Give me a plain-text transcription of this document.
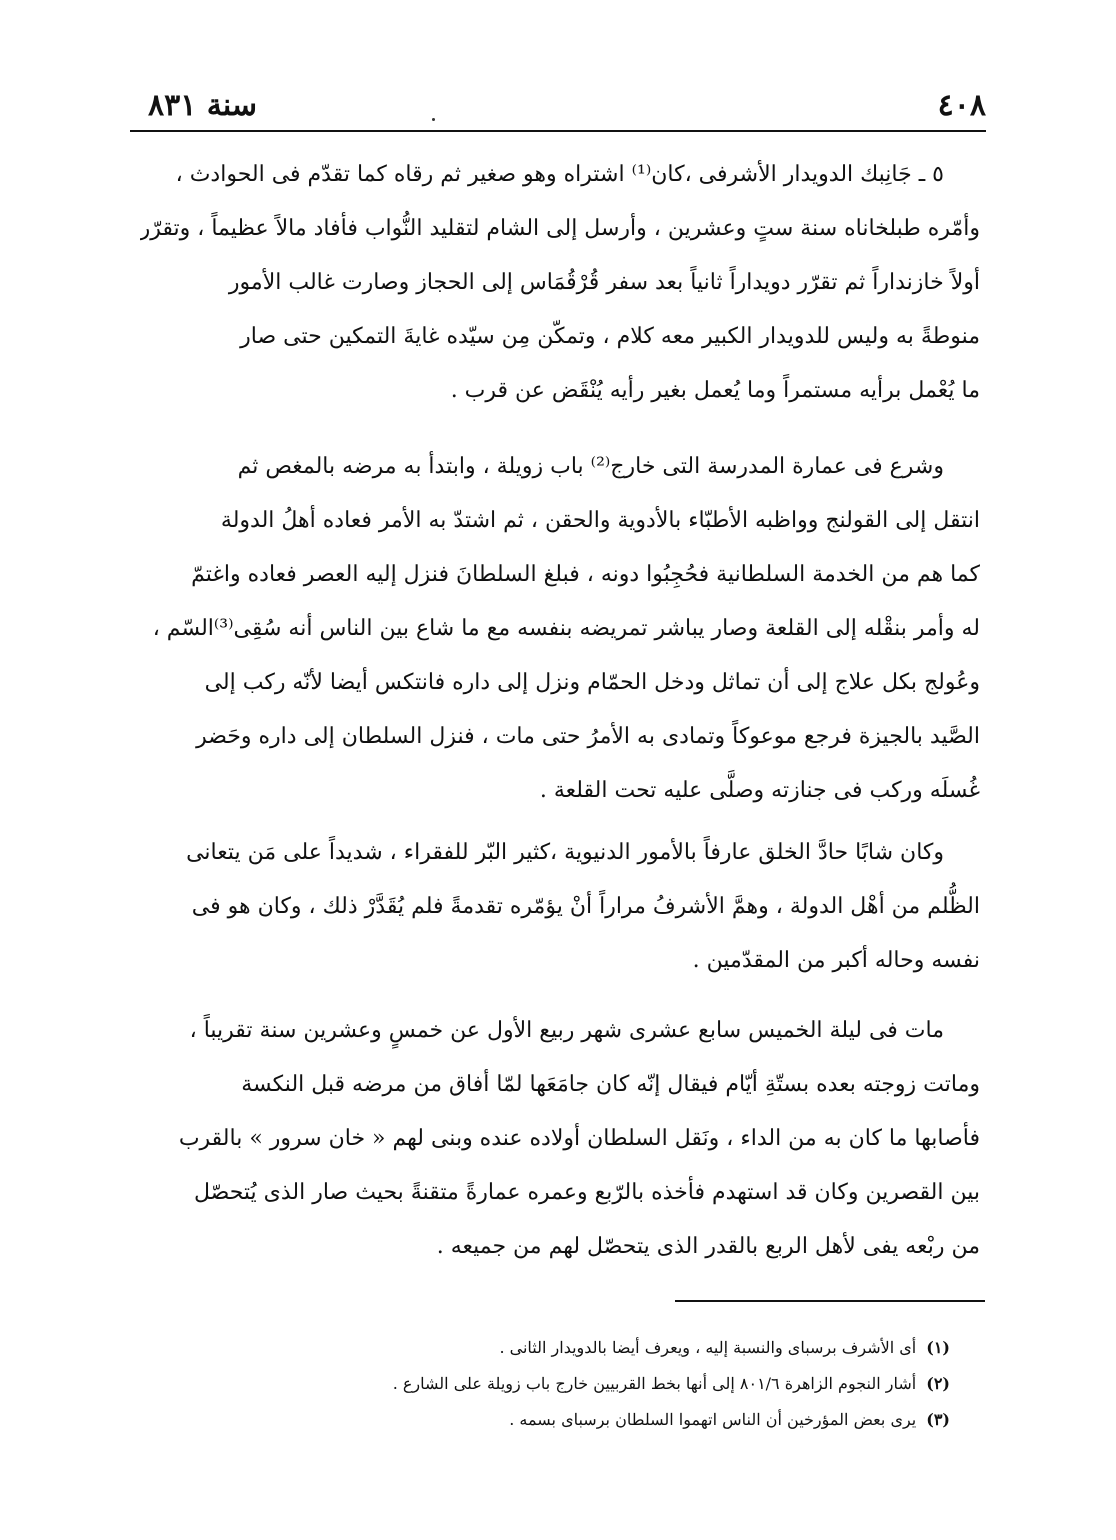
٤٠٨
سنة ٨٣١
٥ ـ جَانِبك الدويدار الأشرفى ،كان⁽¹⁾ اشتراه وهو صغير ثم رقاه كما تقدّم فى الحوادث ،
وأمّره طبلخاناه سنة ستٍ وعشرين ، وأرسل إلى الشام لتقليد النُّواب فأفاد مالاً عظيماً ، وتقرّر
أولاً خازنداراً ثم تقرّر دويداراً ثانياً بعد سفر قُرْقُمَاس إلى الحجاز وصارت غالب الأمور
منوطةً به وليس للدويدار الكبير معه كلام ، وتمكّن مِن سيّده غايةَ التمكين حتى صار
ما يُعْمل برأيه مستمراً وما يُعمل بغير رأيه يُنْقَض عن قرب .
وشرع فى عمارة المدرسة التى خارج⁽²⁾ باب زويلة ، وابتدأ به مرضه بالمغص ثم
انتقل إلى القولنج وواظبه الأطبّاء بالأدوية والحقن ، ثم اشتدّ به الأمر فعاده أهلُ الدولة
كما هم من الخدمة السلطانية فحُجِبُوا دونه ، فبلغ السلطانَ فنزل إليه العصر فعاده واغتمّ
له وأمر بنقْله إلى القلعة وصار يباشر تمريضه بنفسه مع ما شاع بين الناس أنه سُقِى⁽³⁾السّم ،
وعُولج بكل علاج إلى أن تماثل ودخل الحمّام ونزل إلى داره فانتكس أيضا لأنّه ركب إلى
الصَّيد بالجيزة فرجع موعوكاً وتمادى به الأمرُ حتى مات ، فنزل السلطان إلى داره وحَضر
غُسلَه وركب فى جنازته وصلَّى عليه تحت القلعة .
وكان شابًا حادَّ الخلق عارفاً بالأمور الدنيوية ،كثير البّر للفقراء ، شديداً على مَن يتعانى
الظُّلم من أهْل الدولة ، وهمَّ الأشرفُ مراراً أنْ يؤمّره تقدمةً فلم يُقَدَّرْ ذلك ، وكان هو فى
نفسه وحاله أكبر من المقدّمين .
مات فى ليلة الخميس سابع عشرى شهر ربيع الأول عن خمسٍ وعشرين سنة تقريباً ،
وماتت زوجته بعده بستّةِ أيّام فيقال إنّه كان جامَعَها لمّا أفاق من مرضه قبل النكسة
فأصابها ما كان به من الداء ، ونَقل السلطان أولاده عنده وبنى لهم « خان سرور » بالقرب
بين القصرين وكان قد استهدم فأخذه بالرّبع وعمره عمارةً متقنةً بحيث صار الذى يُتحصّل
من ربْعه يفى لأهل الربع بالقدر الذى يتحصّل لهم من جميعه .
(١)أى الأشرف برسباى والنسبة إليه ، ويعرف أيضا بالدويدار الثانى .
(٢)أشار النجوم الزاهرة ٨٠١/٦ إلى أنها بخط القربيين خارج باب زويلة على الشارع .
(٣)يرى بعض المؤرخين أن الناس اتهموا السلطان برسباى بسمه .
